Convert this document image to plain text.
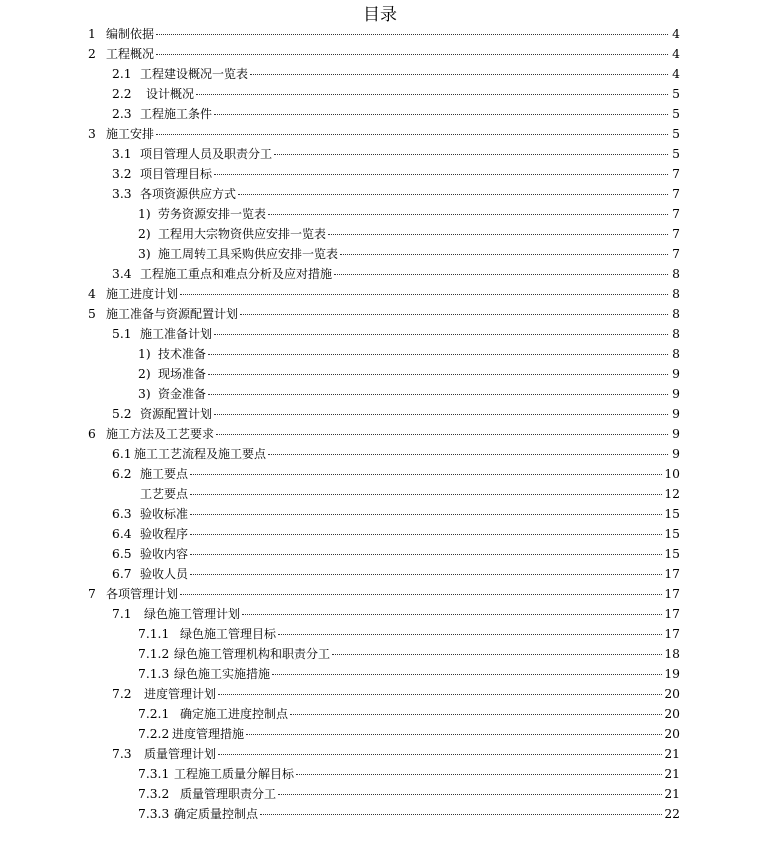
目录
1 编制依据	4
2 工程概况	4
2.1 工程建设概况一览表	4
2.2	设计概况	5
2.3 工程施工条件	5
3 施工安排	5
3.1 项目管理人员及职责分工	5
3.2 项目管理目标	7
3.3 各项资源供应方式	7
1) 劳务资源安排一览表	7
2) 工程用大宗物资供应安排一览表	7
3) 施工周转工具采购供应安排一览表	7
3.4 工程施工重点和难点分析及应对措施	8
4 施工进度计划	8
5 施工准备与资源配置计划	8
5.1 施工准备计划	8
1) 技术准备	8
2) 现场准备	9
3) 资金准备	9
5.2 资源配置计划	9
6 施工方法及工艺要求	9
6.1 施工工艺流程及施工要点	9
6.2 施工要点	10
工艺要点	12
6.3 验收标准	15
6.4 验收程序	15
6.5 验收内容	15
6.7 验收人员	17
7 各项管理计划	17
7.1	绿色施工管理计划	17
7.1.1 绿色施工管理目标	17
7.1.2 绿色施工管理机构和职责分工	18
7.1.3 绿色施工实施措施	19
7.2	进度管理计划	20
7.2.1 确定施工进度控制点	20
7.2.2 进度管理措施	20
7.3	质量管理计划	21
7.3.1 工程施工质量分解目标	21
7.3.2 质量管理职责分工	21
7.3.3 确定质量控制点	22
